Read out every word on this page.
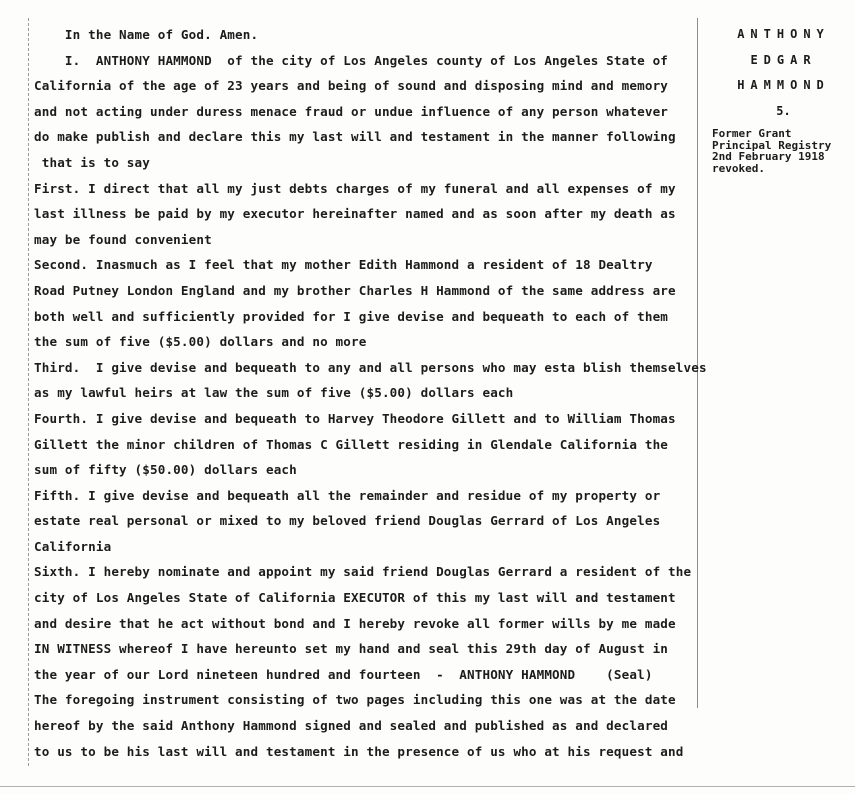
In the Name of God. Amen.
I.  ANTHONY HAMMOND  of the city of Los Angeles county of Los Angeles State of
California of the age of 23 years and being of sound and disposing mind and memory
and not acting under duress menace fraud or undue influence of any person whatever
do make publish and declare this my last will and testament in the manner following
that is to say
First. I direct that all my just debts charges of my funeral and all expenses of my
last illness be paid by my executor hereinafter named and as soon after my death as
may be found convenient
Second. Inasmuch as I feel that my mother Edith Hammond a resident of 18 Dealtry
Road Putney London England and my brother Charles H Hammond of the same address are
both well and sufficiently provided for I give devise and bequeath to each of them
the sum of five ($5.00) dollars and no more
Third.  I give devise and bequeath to any and all persons who may esta blish themselves
as my lawful heirs at law the sum of five ($5.00) dollars each
Fourth. I give devise and bequeath to Harvey Theodore Gillett and to William Thomas
Gillett the minor children of Thomas C Gillett residing in Glendale California the
sum of fifty ($50.00) dollars each
Fifth. I give devise and bequeath all the remainder and residue of my property or
estate real personal or mixed to my beloved friend Douglas Gerrard of Los Angeles
California
Sixth. I hereby nominate and appoint my said friend Douglas Gerrard a resident of the
city of Los Angeles State of California EXECUTOR of this my last will and testament
and desire that he act without bond and I hereby revoke all former wills by me made
IN WITNESS whereof I have hereunto set my hand and seal this 29th day of August in
the year of our Lord nineteen hundred and fourteen  -  ANTHONY HAMMOND    (Seal)
The foregoing instrument consisting of two pages including this one was at the date
hereof by the said Anthony Hammond signed and sealed and published as and declared
to us to be his last will and testament in the presence of us who at his request and
ANTHONY
EDGAR
HAMMOND
5.
Former Grant
Principal Registry
2nd February 1918
revoked.
